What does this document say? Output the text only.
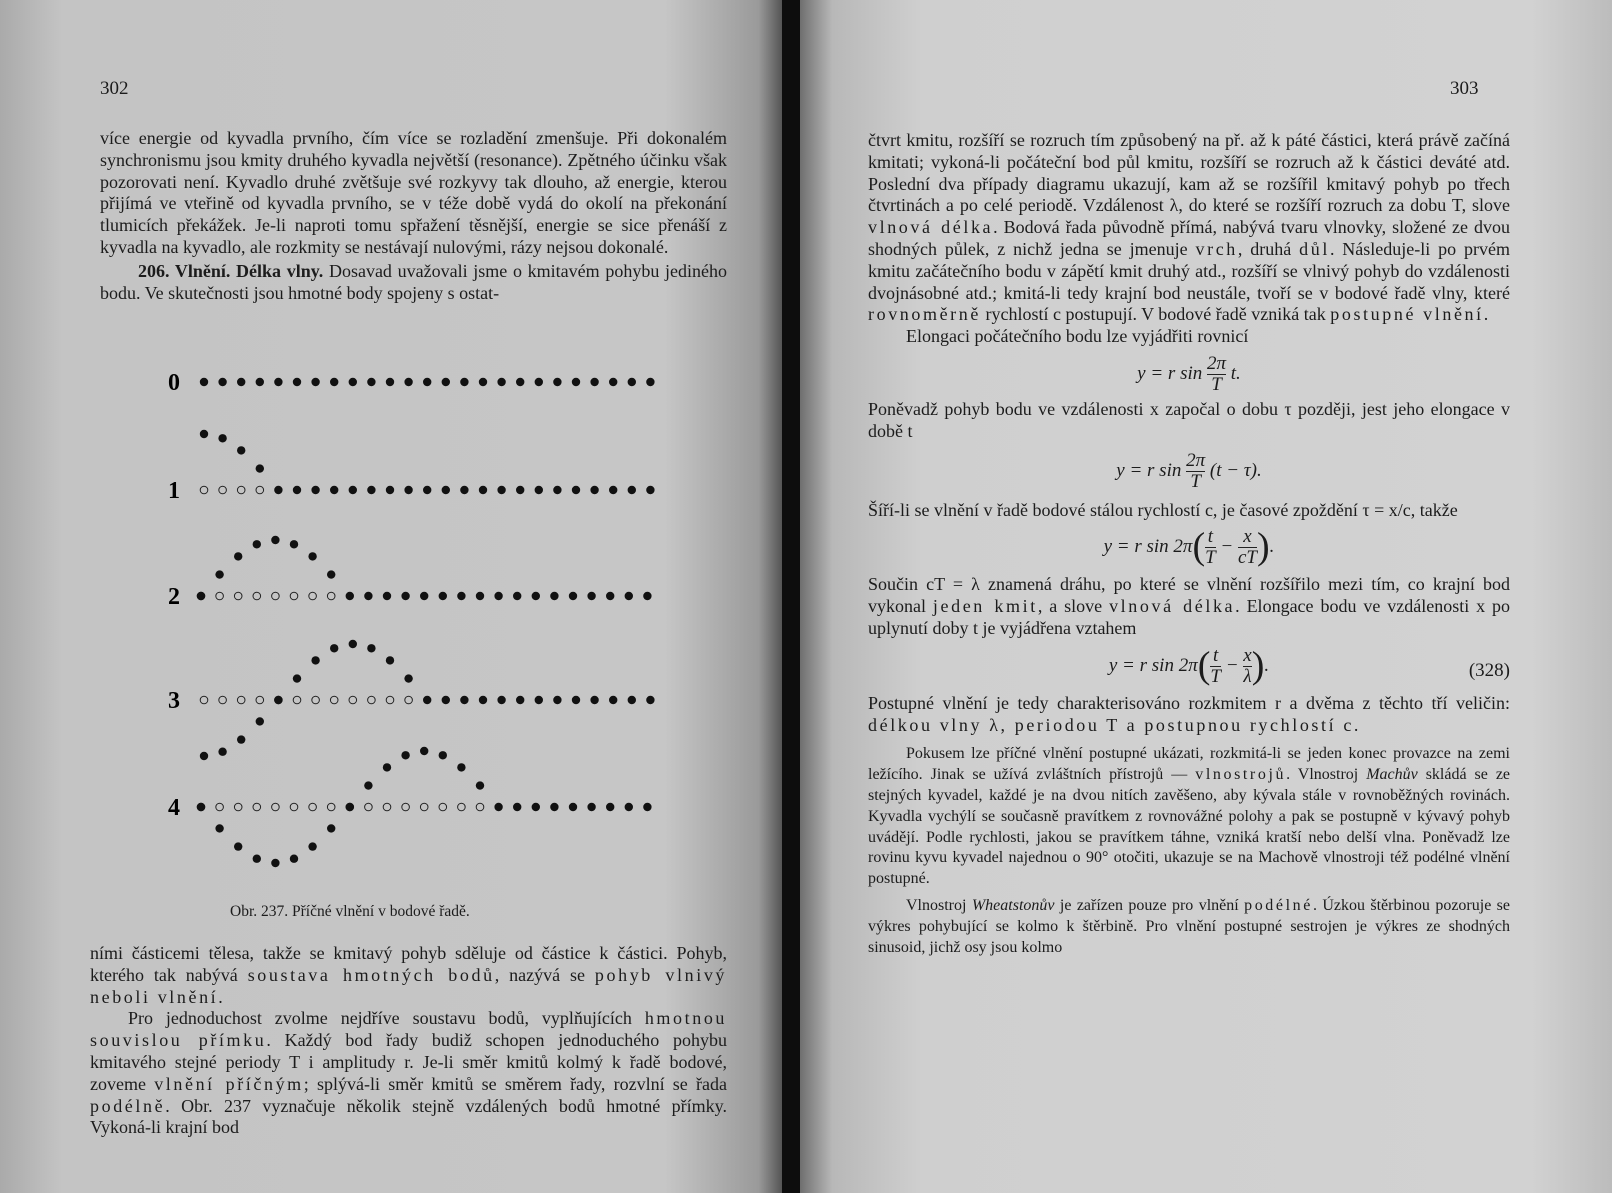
302

více energie od kyvadla prvního, čím více se rozladění zmenšuje. Při dokonalém synchronismu jsou kmity druhého kyvadla největší (resonance). Zpětného účinku však pozorovati není. Kyvadlo druhé zvětšuje své rozkyvy tak dlouho, až energie, kterou přijímá ve vteřině od kyvadla prvního, se v téže době vydá do okolí na překonání tlumicích překážek. Je-li naproti tomu spřažení těsnější, energie se sice přenáší z kyvadla na kyvadlo, ale rozkmity se nestávají nulovými, rázy nejsou dokonalé.

206. Vlnění. Délka vlny. Dosavad uvažovali jsme o kmitavém pohybu jediného bodu. Ve skutečnosti jsou hmotné body spojeny s ostat-

0
1
2
3
4
Obr. 237. Příčné vlnění v bodové řadě.

ními částicemi tělesa, takže se kmitavý pohyb sděluje od částice k částici. Pohyb, kterého tak nabývá soustava hmotných bodů, nazývá se pohyb vlnivý neboli vlnění.

Pro jednoduchost zvolme nejdříve soustavu bodů, vyplňujících hmotnou souvislou přímku. Každý bod řady budiž schopen jednoduchého pohybu kmitavého stejné periody T i amplitudy r. Je-li směr kmitů kolmý k řadě bodové, zoveme vlnění příčným; splývá-li směr kmitů se směrem řady, rozvlní se řada podélně. Obr. 237 vyznačuje několik stejně vzdálených bodů hmotné přímky. Vykoná-li krajní bod

303

čtvrt kmitu, rozšíří se rozruch tím způsobený na př. až k páté částici, která právě začíná kmitati; vykoná-li počáteční bod půl kmitu, rozšíří se rozruch až k částici deváté atd. Poslední dva případy diagramu ukazují, kam až se rozšířil kmitavý pohyb po třech čtvrtinách a po celé periodě. Vzdálenost λ, do které se rozšíří rozruch za dobu T, slove vlnová délka. Bodová řada původně přímá, nabývá tvaru vlnovky, složené ze dvou shodných půlek, z nichž jedna se jmenuje vrch, druhá důl. Následuje-li po prvém kmitu začátečního bodu v zápětí kmit druhý atd., rozšíří se vlnivý pohyb do vzdálenosti dvojnásobné atd.; kmitá-li tedy krajní bod neustále, tvoří se v bodové řadě vlny, které rovnoměrně rychlostí c postupují. V bodové řadě vzniká tak postupné vlnění.

Elongaci počátečního bodu lze vyjádřiti rovnicí

y = r $\sin \frac{2\pi}{T} t$.

Poněvadž pohyb bodu ve vzdálenosti x započal o dobu τ později, jest jeho elongace v době t

y = r $\sin \frac{2\pi}{T} (t - \tau)$.

Šíří-li se vlnění v řadě bodové stálou rychlostí c, je časové zpoždění τ = x/c, takže

y = r $\sin 2\pi( \frac{t}{T} - \frac{x}{cT}$ ).

Součin cT = λ znamená dráhu, po které se vlnění rozšířilo mezi tím, co krajní bod vykonal jeden kmit, a slove vlnová délka. Elongace bodu ve vzdálenosti x po uplynutí doby t je vyjádřena vztahem

y = r $\sin 2\pi( \frac{t}{T} - \frac{x}{\lambda}$ ).	(328)

Postupné vlnění je tedy charakterisováno rozkmitem r a dvěma z těchto tří veličin: délkou vlny λ, periodou T a postupnou rychlostí c.

Pokusem lze příčné vlnění postupné ukázati, rozkmitá-li se jeden konec provazce na zemi ležícího. Jinak se užívá zvláštních přístrojů — vlnostrojů. Vlnostroj Machův skládá se ze stejných kyvadel, každé je na dvou nitích zavěšeno, aby kývala stále v rovnoběžných rovinách. Kyvadla vychýlí se současně pravítkem z rovnovážné polohy a pak se postupně v kývavý pohyb uvádějí. Podle rychlosti, jakou se pravítkem táhne, vzniká kratší nebo delší vlna. Poněvadž lze rovinu kyvu kyvadel najednou o 90° otočiti, ukazuje se na Machově vlnostroji též podélné vlnění postupné.

Vlnostroj Wheatstonův je zařízen pouze pro vlnění podélné. Úzkou štěrbinou pozoruje se výkres pohybující se kolmo k štěrbině. Pro vlnění postupné sestrojen je výkres ze shodných sinusoid, jichž osy jsou kolmo
